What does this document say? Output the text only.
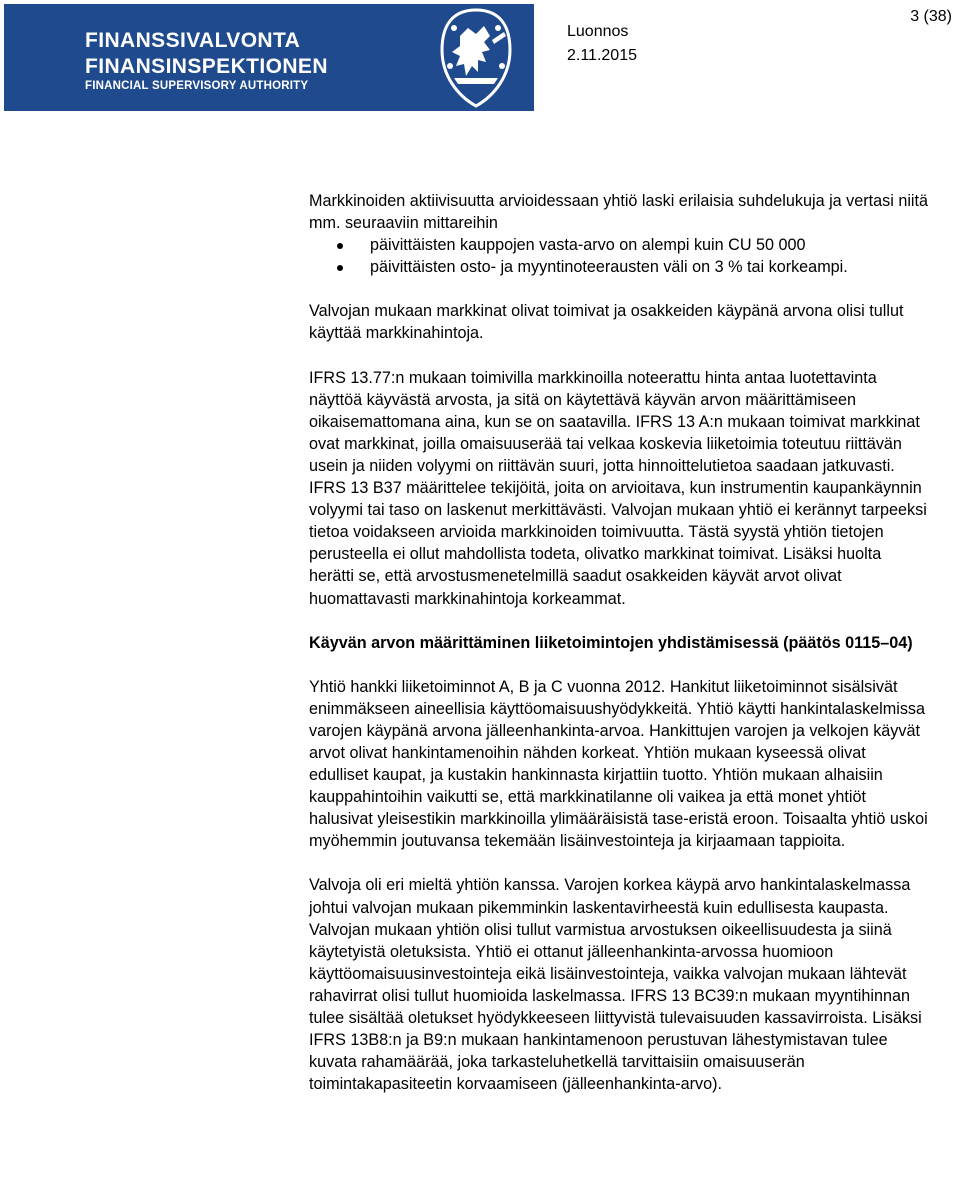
FINANSSIVALVONTA
FINANSINSPEKTIONEN
FINANCIAL SUPERVISORY AUTHORITY
Luonnos
2.11.2015
3 (38)

Markkinoiden aktiivisuutta arvioidessaan yhtiö laski erilaisia suhdelukuja ja vertasi niitä mm. seuraaviin mittareihin

päivittäisten kauppojen vasta-arvo on alempi kuin CU 50 000
päivittäisten osto- ja myyntinoteerausten väli on 3 % tai korkeampi.

Valvojan mukaan markkinat olivat toimivat ja osakkeiden käypänä arvona olisi tullut käyttää markkinahintoja.

IFRS 13.77:n mukaan toimivilla markkinoilla noteerattu hinta antaa luotettavinta näyttöä käyvästä arvosta, ja sitä on käytettävä käyvän arvon määrittämiseen oikaisemattomana aina, kun se on saatavilla. IFRS 13 A:n mukaan toimivat markkinat ovat markkinat, joilla omaisuuserää tai velkaa koskevia liiketoimia toteutuu riittävän usein ja niiden volyymi on riittävän suuri, jotta hinnoittelutietoa saadaan jatkuvasti. IFRS 13 B37 määrittelee tekijöitä, joita on arvioitava, kun instrumentin kaupankäynnin volyymi tai taso on laskenut merkittävästi. Valvojan mukaan yhtiö ei kerännyt tarpeeksi tietoa voidakseen arvioida markkinoiden toimivuutta. Tästä syystä yhtiön tietojen perusteella ei ollut mahdollista todeta, olivatko markkinat toimivat. Lisäksi huolta herätti se, että arvostusmenetelmillä saadut osakkeiden käyvät arvot olivat huomattavasti markkinahintoja korkeammat.

Käyvän arvon määrittäminen liiketoimintojen yhdistämisessä (päätös 0115–04)

Yhtiö hankki liiketoiminnot A, B ja C vuonna 2012. Hankitut liiketoiminnot sisälsivät enimmäkseen aineellisia käyttöomaisuushyödykkeitä. Yhtiö käytti hankintalaskelmissa varojen käypänä arvona jälleenhankinta-arvoa. Hankittujen varojen ja velkojen käyvät arvot olivat hankintamenoihin nähden korkeat. Yhtiön mukaan kyseessä olivat edulliset kaupat, ja kustakin hankinnasta kirjattiin tuotto. Yhtiön mukaan alhaisiin kauppahintoihin vaikutti se, että markkinatilanne oli vaikea ja että monet yhtiöt halusivat yleisestikin markkinoilla ylimääräisistä tase-eristä eroon. Toisaalta yhtiö uskoi myöhemmin joutuvansa tekemään lisäinvestointeja ja kirjaamaan tappioita.

Valvoja oli eri mieltä yhtiön kanssa. Varojen korkea käypä arvo hankintalaskelmassa johtui valvojan mukaan pikemminkin laskentavirheestä kuin edullisesta kaupasta. Valvojan mukaan yhtiön olisi tullut varmistua arvostuksen oikeellisuudesta ja siinä käytetyistä oletuksista. Yhtiö ei ottanut jälleenhankinta-arvossa huomioon käyttöomaisuusinvestointeja eikä lisäinvestointeja, vaikka valvojan mukaan lähtevät rahavirrat olisi tullut huomioida laskelmassa. IFRS 13 BC39:n mukaan myyntihinnan tulee sisältää oletukset hyödykkeeseen liittyvistä tulevaisuuden kassavirroista. Lisäksi IFRS 13B8:n ja B9:n mukaan hankintamenoon perustuvan lähestymistavan tulee kuvata rahamäärää, joka tarkasteluhetkellä tarvittaisiin omaisuuserän toimintakapasiteetin korvaamiseen (jälleenhankinta-arvo).
